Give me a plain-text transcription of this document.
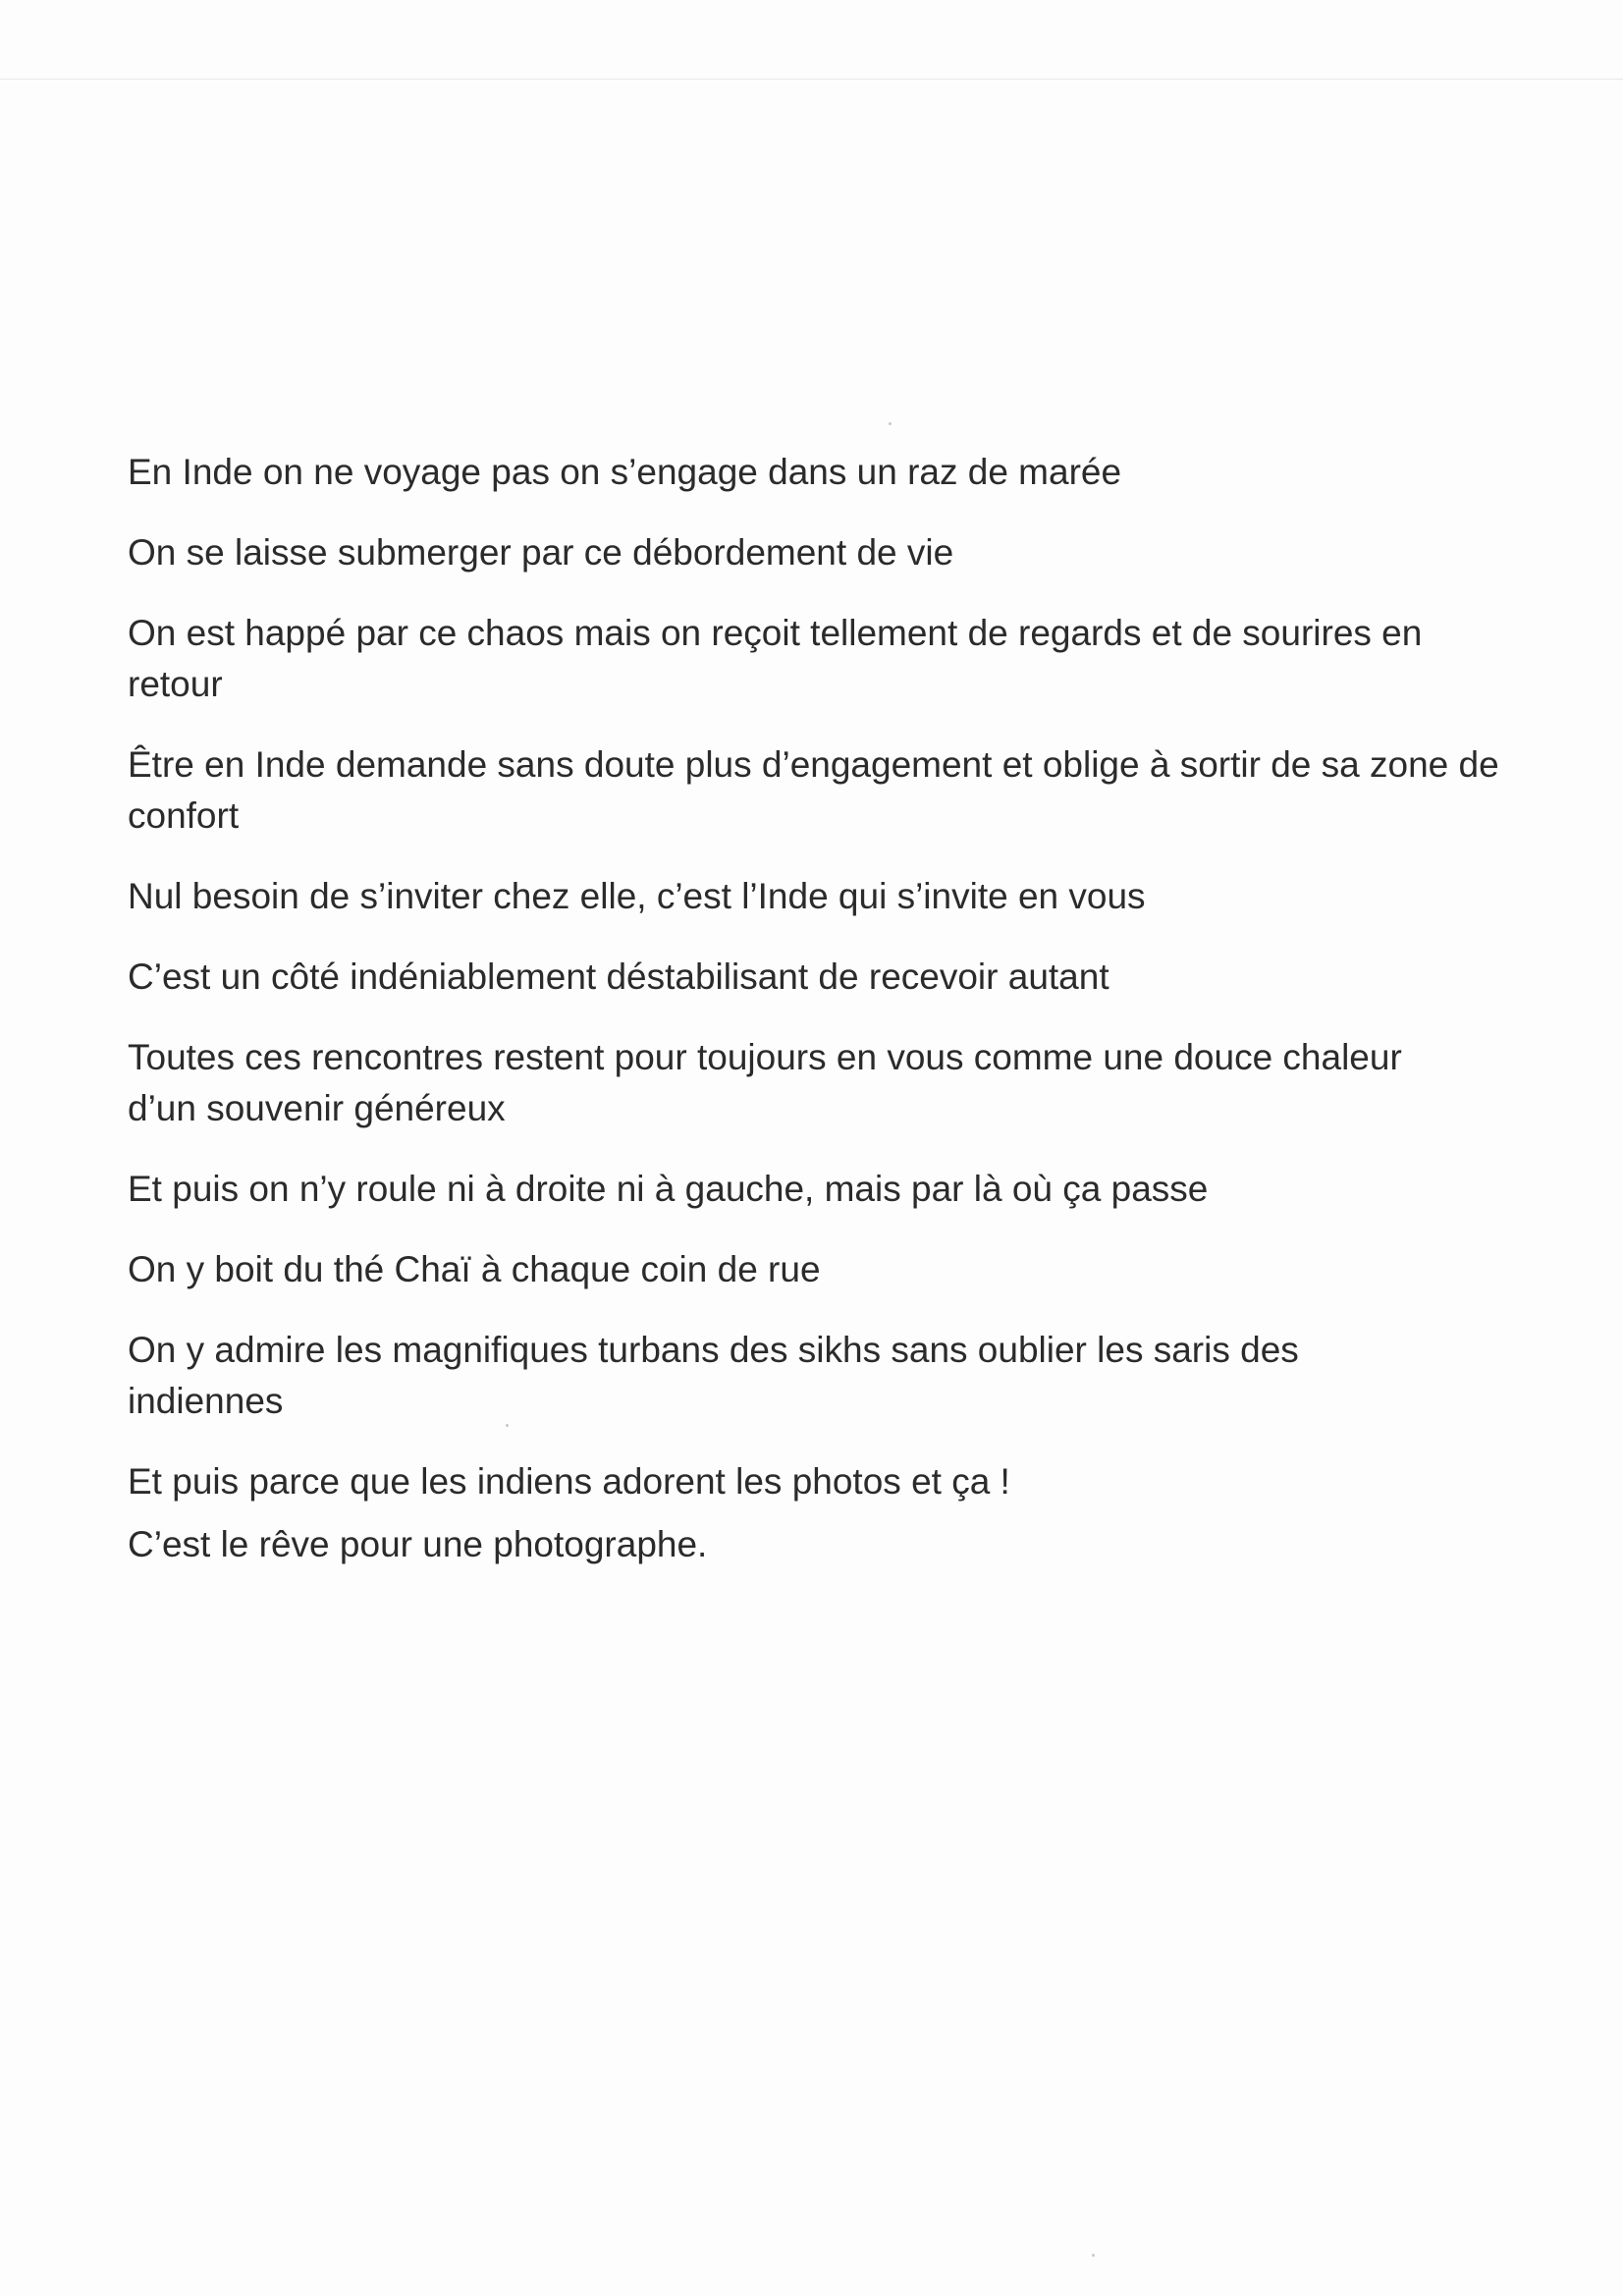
En Inde on ne voyage pas on s’engage dans un raz de marée

On se laisse submerger par ce débordement de vie

On est happé par ce chaos mais on reçoit tellement de regards et de sourires en retour

Être en Inde demande sans doute plus d’engagement et oblige à sortir de sa zone de confort

Nul besoin de s’inviter chez elle, c’est l’Inde qui s’invite en vous

C’est un côté indéniablement déstabilisant de recevoir autant

Toutes ces rencontres restent pour toujours en vous comme une douce chaleur d’un souvenir généreux

Et puis on n’y roule ni à droite ni à gauche, mais par là où ça passe

On y boit du thé Chaï à chaque coin de rue

On y admire les magnifiques turbans des sikhs sans oublier les saris des indiennes

Et puis parce que les indiens adorent les photos et ça !

C’est le rêve pour une photographe.
